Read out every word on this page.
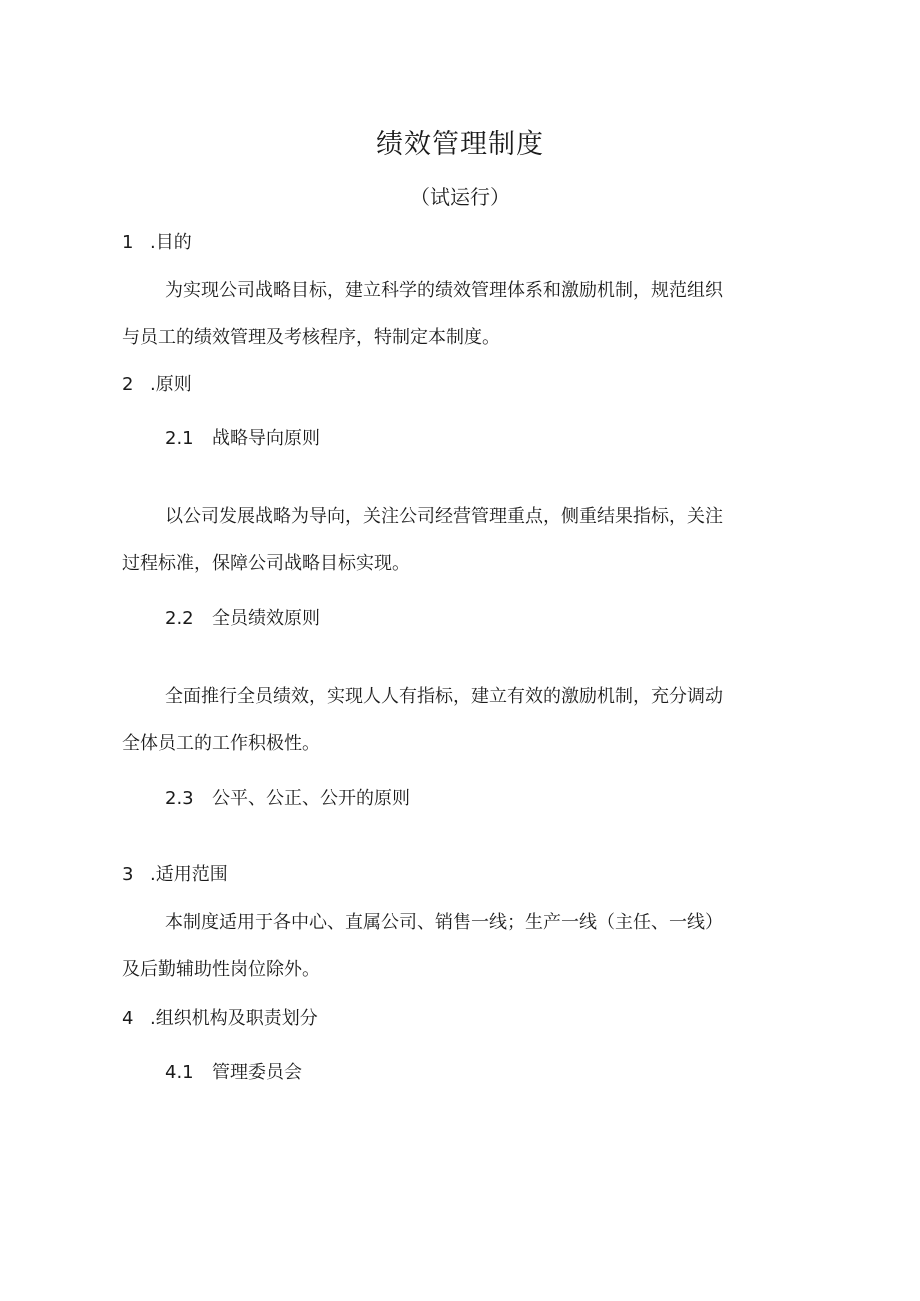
绩效管理制度
（试运行）
1 .目的
为实现公司战略目标，建立科学的绩效管理体系和激励机制，规范组织
与员工的绩效管理及考核程序，特制定本制度。
2 .原则
2.1 战略导向原则
以公司发展战略为导向，关注公司经营管理重点，侧重结果指标，关注
过程标准，保障公司战略目标实现。
2.2 全员绩效原则
全面推行全员绩效，实现人人有指标，建立有效的激励机制，充分调动
全体员工的工作积极性。
2.3 公平、公正、公开的原则
3 .适用范围
本制度适用于各中心、直属公司、销售一线；生产一线（主任、一线）
及后勤辅助性岗位除外。
4 .组织机构及职责划分
4.1 管理委员会
